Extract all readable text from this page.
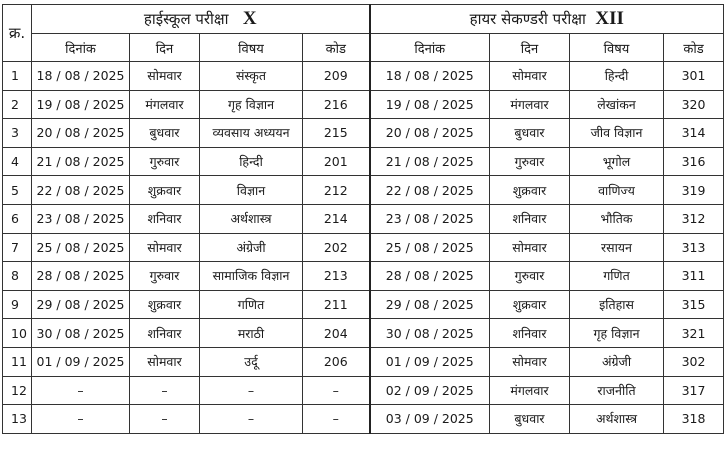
क्र.	हाईस्कूल परीक्षा X				हायर सेकण्डरी परीक्षा XII			
	दिनांक	दिन	विषय	कोड	दिनांक	दिन	विषय	कोड
1	18 / 08 / 2025	सोमवार	संस्कृत	209	18 / 08 / 2025	सोमवार	हिन्दी	301
2	19 / 08 / 2025	मंगलवार	गृह विज्ञान	216	19 / 08 / 2025	मंगलवार	लेखांकन	320
3	20 / 08 / 2025	बुधवार	व्यवसाय अध्ययन	215	20 / 08 / 2025	बुधवार	जीव विज्ञान	314
4	21 / 08 / 2025	गुरुवार	हिन्दी	201	21 / 08 / 2025	गुरुवार	भूगोल	316
5	22 / 08 / 2025	शुक्रवार	विज्ञान	212	22 / 08 / 2025	शुक्रवार	वाणिज्य	319
6	23 / 08 / 2025	शनिवार	अर्थशास्त्र	214	23 / 08 / 2025	शनिवार	भौतिक	312
7	25 / 08 / 2025	सोमवार	अंग्रेजी	202	25 / 08 / 2025	सोमवार	रसायन	313
8	28 / 08 / 2025	गुरुवार	सामाजिक विज्ञान	213	28 / 08 / 2025	गुरुवार	गणित	311
9	29 / 08 / 2025	शुक्रवार	गणित	211	29 / 08 / 2025	शुक्रवार	इतिहास	315
10	30 / 08 / 2025	शनिवार	मराठी	204	30 / 08 / 2025	शनिवार	गृह विज्ञान	321
11	01 / 09 / 2025	सोमवार	उर्दू	206	01 / 09 / 2025	सोमवार	अंग्रेजी	302
12	–	–	–	–	02 / 09 / 2025	मंगलवार	राजनीति	317
13	–	–	–	–	03 / 09 / 2025	बुधवार	अर्थशास्त्र	318
